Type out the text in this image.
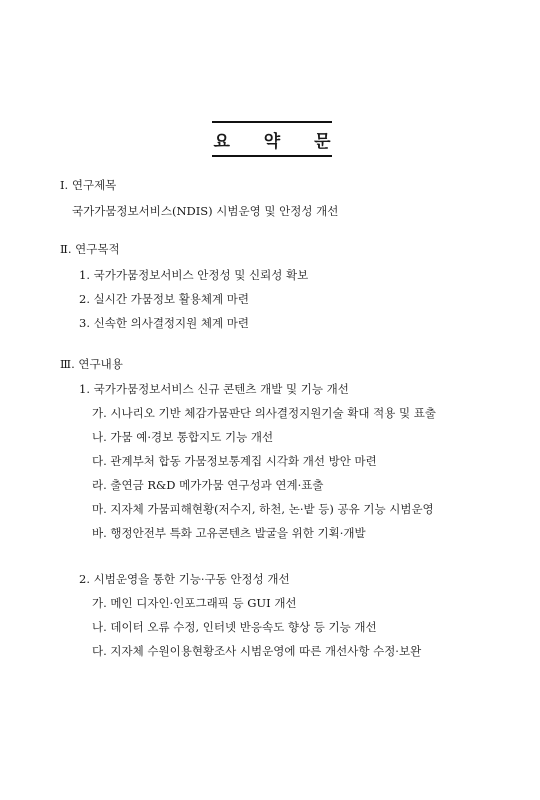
요 약 문
Ⅰ. 연구제목
국가가뭄정보서비스(NDIS) 시범운영 및 안정성 개선
Ⅱ. 연구목적
1. 국가가뭄정보서비스 안정성 및 신뢰성 확보
2. 실시간 가뭄정보 활용체계 마련
3. 신속한 의사결정지원 체계 마련
Ⅲ. 연구내용
1. 국가가뭄정보서비스 신규 콘텐츠 개발 및 기능 개선
가. 시나리오 기반 체감가뭄판단 의사결정지원기술 확대 적용 및 표출
나. 가뭄 예·경보 통합지도 기능 개선
다. 관계부처 합동 가뭄정보통계집 시각화 개선 방안 마련
라. 출연금 R&D 메가가뭄 연구성과 연계·표출
마. 지자체 가뭄피해현황(저수지, 하천, 논·밭 등) 공유 기능 시범운영
바. 행정안전부 특화 고유콘텐츠 발굴을 위한 기획·개발
2. 시범운영을 통한 기능·구동 안정성 개선
가. 메인 디자인·인포그래픽 등 GUI 개선
나. 데이터 오류 수정, 인터넷 반응속도 향상 등 기능 개선
다. 지자체 수원이용현황조사 시범운영에 따른 개선사항 수정·보완
